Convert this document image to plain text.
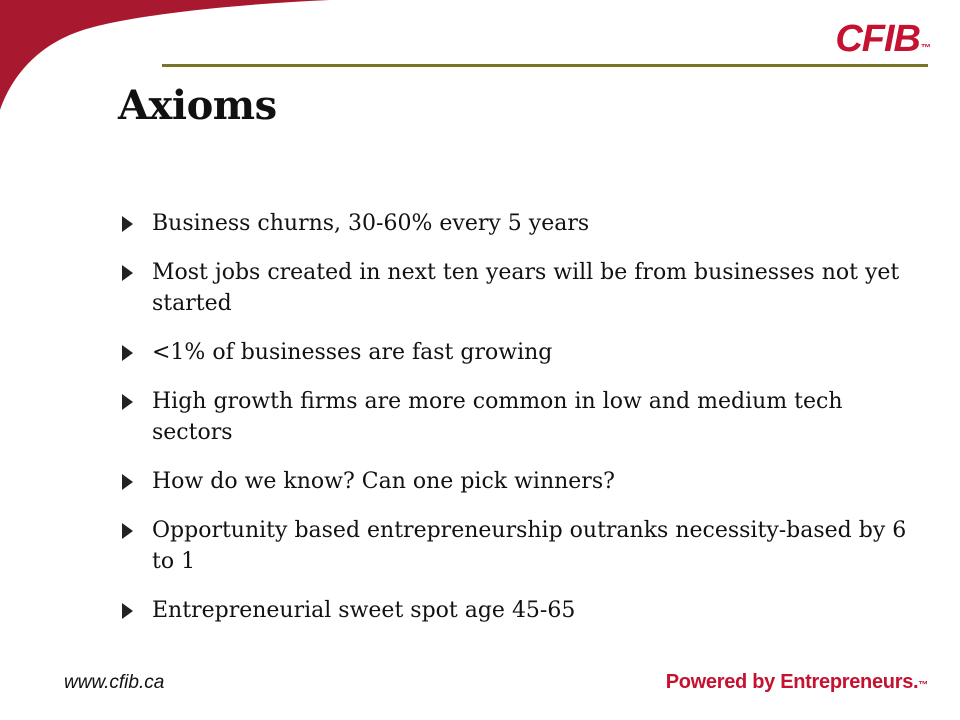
CFIB™
Axioms
Business churns, 30-60% every 5 years
Most jobs created in next ten years will be from businesses not yet started
<1% of businesses are fast growing
High growth firms are more common in low and medium tech sectors
How do we know? Can one pick winners?
Opportunity based entrepreneurship outranks necessity-based by 6 to 1
Entrepreneurial sweet spot age 45-65
www.cfib.ca	Powered by Entrepreneurs.™
